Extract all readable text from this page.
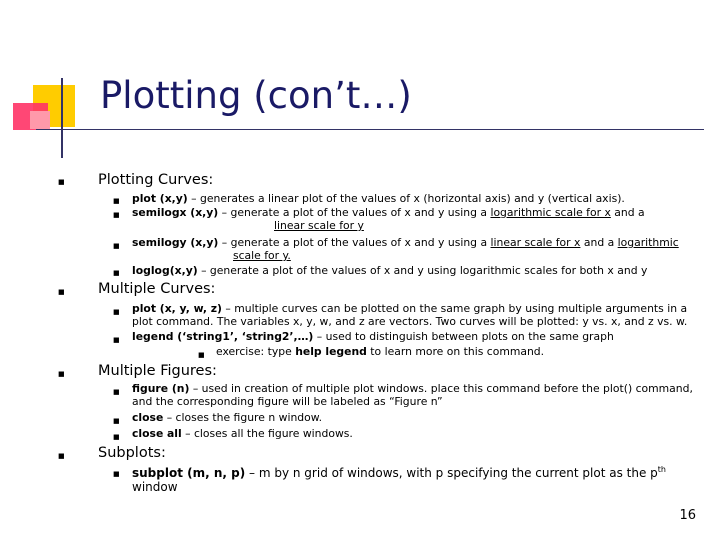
Plotting (con’t…)
■ Plotting Curves:
■ plot (x,y) – generates a linear plot of the values of x (horizontal axis) and y (vertical axis).
■ semilogx (x,y) – generate a plot of the values of x and y using a logarithmic scale for x and a
linear scale for y
■ semilogy (x,y) – generate a plot of the values of x and y using a linear scale for x and a logarithmic
scale for y.
■ loglog(x,y) – generate a plot of the values of x and y using logarithmic scales for both x and y
■ Multiple Curves:
■ plot (x, y, w, z) – multiple curves can be plotted on the same graph by using multiple arguments in a
plot command. The variables x, y, w, and z are vectors. Two curves will be plotted: y vs. x, and z vs. w.
■ legend (‘string1’, ‘string2’,…) – used to distinguish between plots on the same graph
■ exercise: type help legend to learn more on this command.
■ Multiple Figures:
■ figure (n) – used in creation of multiple plot windows. place this command before the plot() command,
and the corresponding figure will be labeled as “Figure n”
■ close – closes the figure n window.
■ close all – closes all the figure windows.
■ Subplots:
■ subplot (m, n, p) – m by n grid of windows, with p specifying the current plot as the $p^{th}$
window
16
